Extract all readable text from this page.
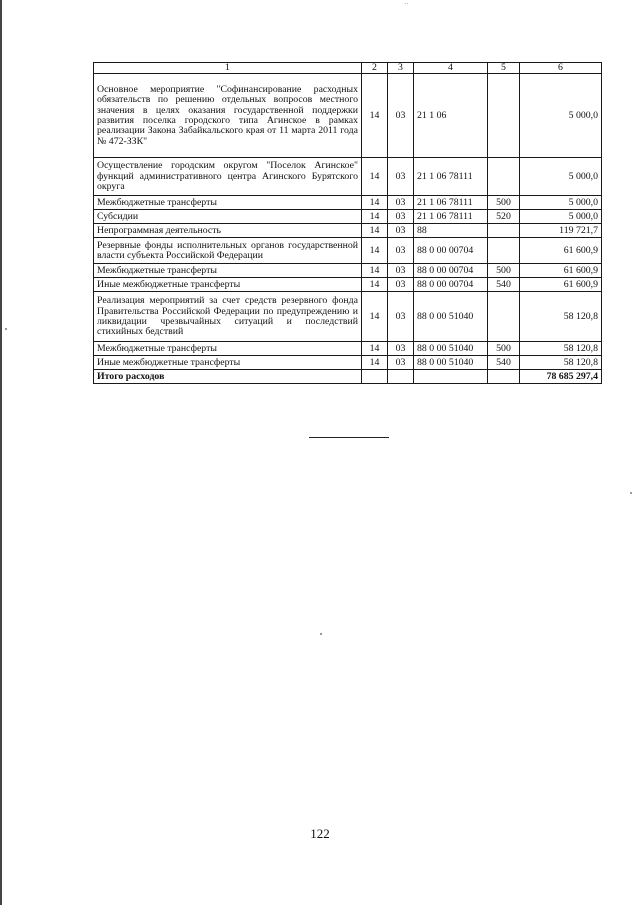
··
1	2	3	4	5	6
Основное мероприятие "Софинансирование расходных обязательств по решению отдельных вопросов местного значения в целях оказания государственной поддержки развития поселка городского типа Агинское в рамках реализации Закона Забайкальского края от 11 марта 2011 года № 472-ЗЗК"	14	03	21 1 06		5 000,0
Осуществление городским округом "Поселок Агинское" функций административного центра Агинского Бурятского округа	14	03	21 1 06 78111		5 000,0
Межбюджетные трансферты	14	03	21 1 06 78111	500	5 000,0
Субсидии	14	03	21 1 06 78111	520	5 000,0
Непрограммная деятельность	14	03	88		119 721,7
Резервные фонды исполнительных органов государственной власти субъекта Российской Федерации	14	03	88 0 00 00704		61 600,9
Межбюджетные трансферты	14	03	88 0 00 00704	500	61 600,9
Иные межбюджетные трансферты	14	03	88 0 00 00704	540	61 600,9
Реализация мероприятий за счет средств резервного фонда Правительства Российской Федерации по предупреждению и ликвидации чрезвычайных ситуаций и последствий стихийных бедствий	14	03	88 0 00 51040		58 120,8
Межбюджетные трансферты	14	03	88 0 00 51040	500	58 120,8
Иные межбюджетные трансферты	14	03	88 0 00 51040	540	58 120,8
Итого расходов					78 685 297,4
122
